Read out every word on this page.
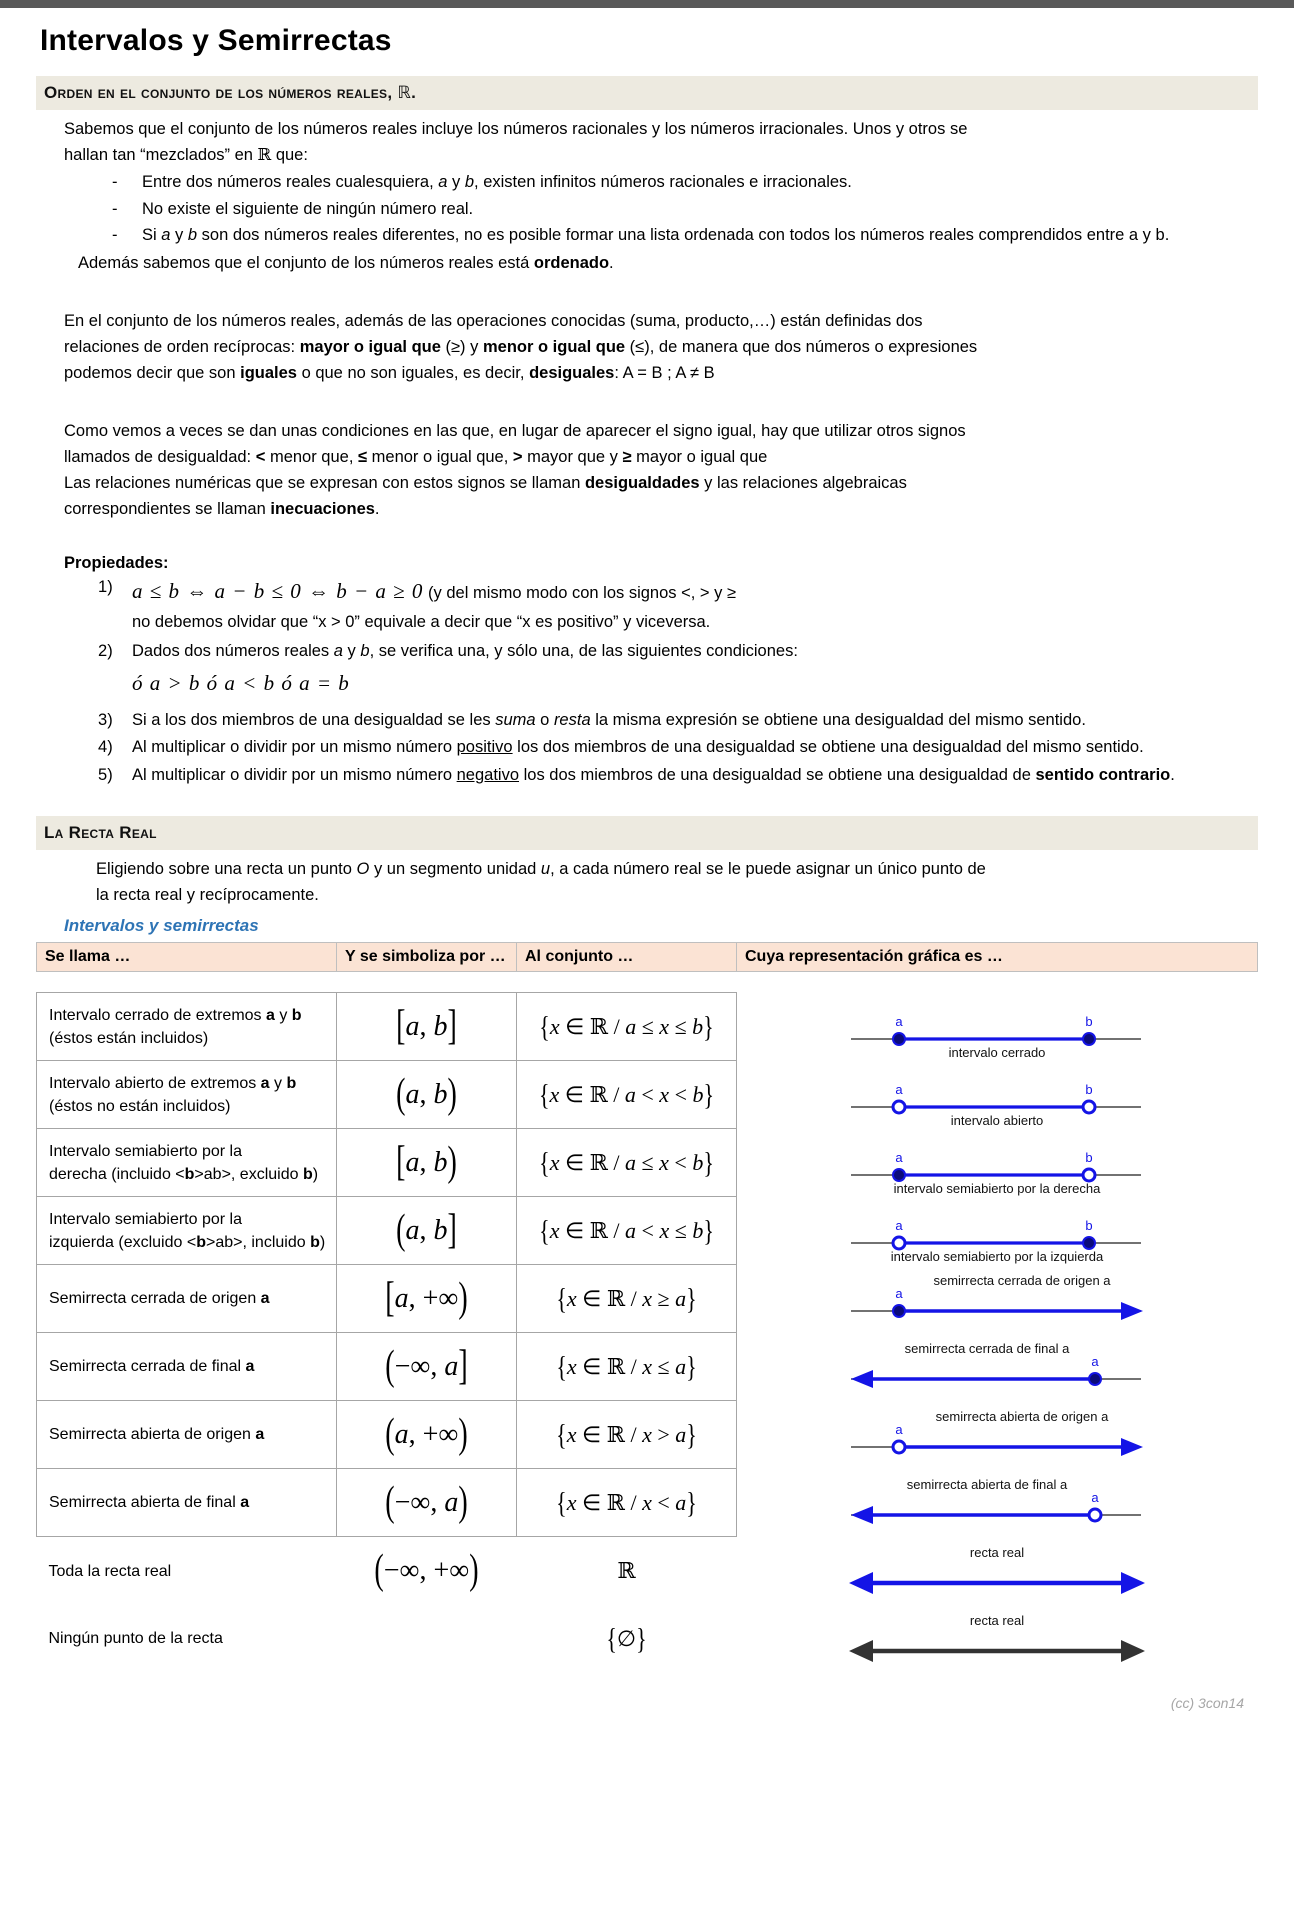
Intervalos y Semirrectas
Orden en el conjunto de los números reales, ℝ.
Sabemos que el conjunto de los números reales incluye los números racionales y los números irracionales. Unos y otros se
hallan tan “mezclados” en ℝ que:
- Entre dos números reales cualesquiera, a y b, existen infinitos números racionales e irracionales.
- No existe el siguiente de ningún número real.
- Si a y b son dos números reales diferentes, no es posible formar una lista ordenada con todos los números reales comprendidos entre a y b.
Además sabemos que el conjunto de los números reales está ordenado.
En el conjunto de los números reales, además de las operaciones conocidas (suma, producto,…) están definidas dos
relaciones de orden recíprocas: mayor o igual que (≥) y menor o igual que (≤), de manera que dos números o expresiones
podemos decir que son iguales o que no son iguales, es decir, desiguales: A = B ; A ≠ B
Como vemos a veces se dan unas condiciones en las que, en lugar de aparecer el signo igual, hay que utilizar otros signos
llamados de desigualdad: < menor que, ≤ menor o igual que, > mayor que y ≥ mayor o igual que
Las relaciones numéricas que se expresan con estos signos se llaman desigualdades y las relaciones algebraicas
correspondientes se llaman inecuaciones.
Propiedades:
a ≤ b ⇔ a − b ≤ 0 ⇔ b − a ≥ 0 (y del mismo modo con los signos <, > y ≥
no debemos olvidar que “x > 0” equivale a decir que “x es positivo” y viceversa.
Dados dos números reales a y b, se verifica una, y sólo una, de las siguientes condiciones:
ó a > b ó a < b ó a = b
Si a los dos miembros de una desigualdad se les suma o resta la misma expresión se obtiene una desigualdad del mismo sentido.
Al multiplicar o dividir por un mismo número positivo los dos miembros de una desigualdad se obtiene una desigualdad del mismo sentido.
Al multiplicar o dividir por un mismo número negativo los dos miembros de una desigualdad se obtiene una desigualdad de sentido contrario.
La Recta Real
Eligiendo sobre una recta un punto O y un segmento unidad u, a cada número real se le puede asignar un único punto de
la recta real y recíprocamente.
Intervalos y semirrectas
Se llama …	Y se simboliza por …	Al conjunto …	Cuya representación gráfica es …
Intervalo cerrado de extremos a y b
(éstos están incluidos)	[a, b]	{x ∈ ℝ / a ≤ x ≤ b}	a b
intervalo cerrado

Intervalo abierto de extremos a y b
(éstos no están incluidos)	(a, b)	{x ∈ ℝ / a < x < b}	a b
intervalo abierto

Intervalo semiabierto por la
derecha (incluido <b>ab>, excluido b)	[a, b)	{x ∈ ℝ / a ≤ x < b}	a b
intervalo semiabierto por la derecha

Intervalo semiabierto por la
izquierda (excluido <b>ab>, incluido b)	(a, b]	{x ∈ ℝ / a < x ≤ b}	a b
intervalo semiabierto por la izquierda

Semirrecta cerrada de origen a	[a, +∞)	{x ∈ ℝ / x ≥ a}	a
semirrecta cerrada de origen a

Semirrecta cerrada de final a	(−∞, a]	{x ∈ ℝ / x ≤ a}	a
semirrecta cerrada de final a

Semirrecta abierta de origen a	(a, +∞)	{x ∈ ℝ / x > a}	a
semirrecta abierta de origen a

Semirrecta abierta de final a	(−∞, a)	{x ∈ ℝ / x < a}	a
semirrecta abierta de final a

Toda la recta real	(−∞, +∞)	ℝ	recta real

Ningún punto de la recta		{∅}	recta real
(cc) 3con14
